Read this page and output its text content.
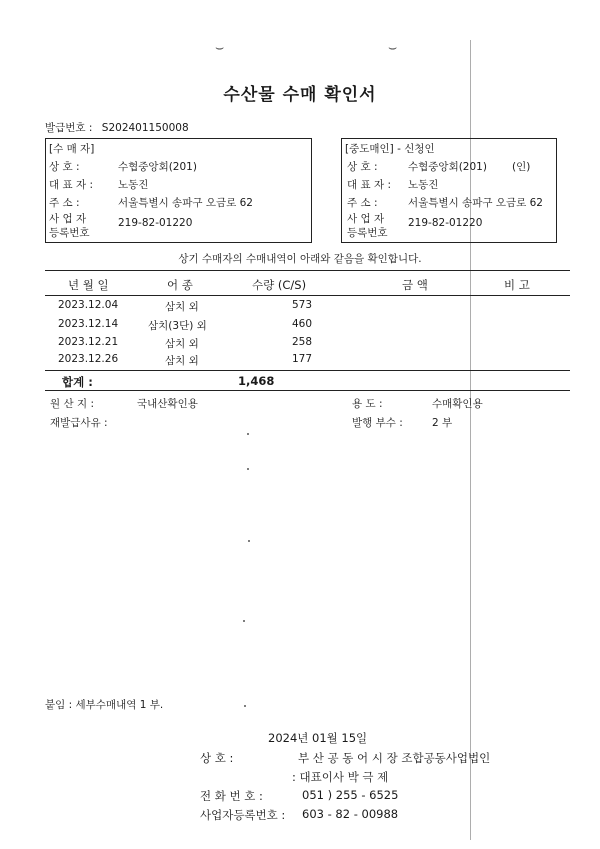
⌣	⌣
수산물 수매 확인서
발급번호 : S202401150008
[수 매 자]
상 호 :	수협중앙회(201)
대 표 자 : 노동진
주 소 :	서울특별시 송파구 오금로 62
사 업 자
등록번호
219-82-01220
[중도매인] - 신청인
상 호 :	수협중앙회(201) (인)
대 표 자 : 노동진
주 소 :	서울특별시 송파구 오금로 62
사 업 자
등록번호
219-82-01220
상기 수매자의 수매내역이 아래와 같음을 확인합니다.
년 월 일	어 종	수량 (C/S)	금 액	비 고
2023.12.04	삼치 외	573
2023.12.14	삼치(3단) 외	460
2023.12.21	삼치 외	258
2023.12.26	삼치 외	177
합계 :	1,468
원 산 지 :	국내산확인용	용 도 :	수매확인용
재발급사유 :	발행 부수 :	2 부
붙임 : 세부수매내역 1 부.
2024년 01월 15일
상 호 :	부 산 공 동 어 시 장 조합공동사업법인
: 대표이사 박 극 제
전 화 번 호 :	051 ) 255 - 6525
사업자등록번호 : 603 - 82 - 00988
